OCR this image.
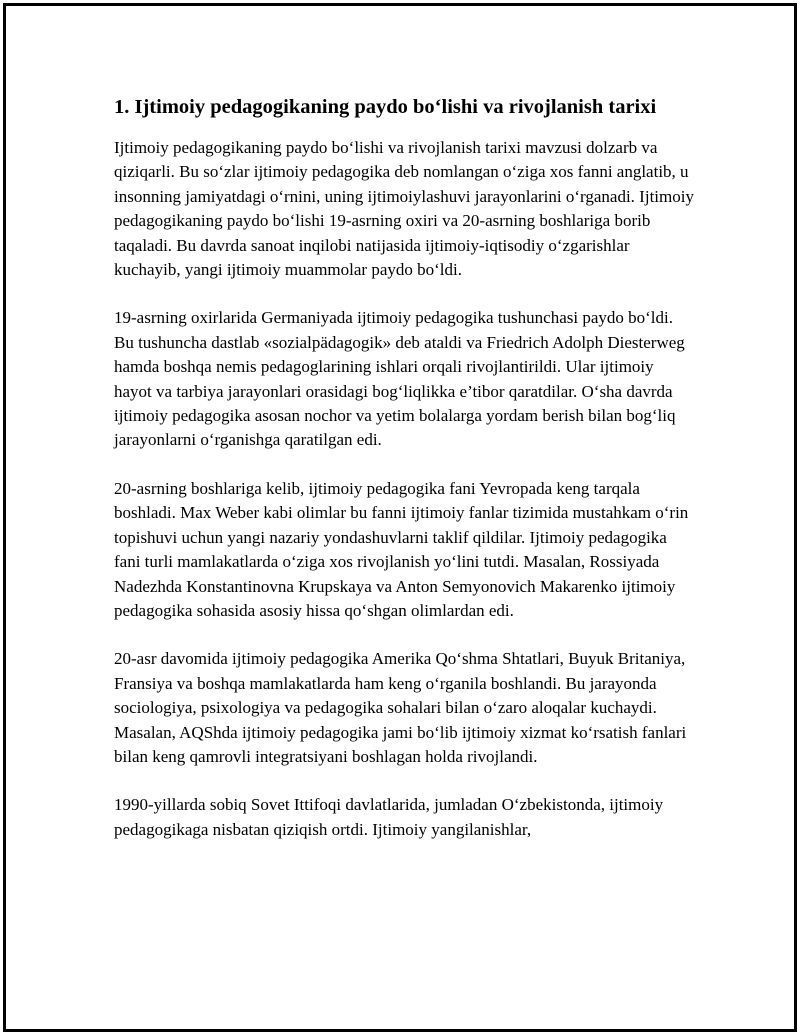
1. Ijtimoiy pedagogikaning paydo bo‘lishi va rivojlanish tarixi

Ijtimoiy pedagogikaning paydo bo‘lishi va rivojlanish tarixi mavzusi dolzarb va qiziqarli. Bu so‘zlar ijtimoiy pedagogika deb nomlangan o‘ziga xos fanni anglatib, u insonning jamiyatdagi o‘rnini, uning ijtimoiylashuvi jarayonlarini o‘rganadi. Ijtimoiy pedagogikaning paydo bo‘lishi 19-asrning oxiri va 20-asrning boshlariga borib taqaladi. Bu davrda sanoat inqilobi natijasida ijtimoiy-iqtisodiy o‘zgarishlar kuchayib, yangi ijtimoiy muammolar paydo bo‘ldi.

19-asrning oxirlarida Germaniyada ijtimoiy pedagogika tushunchasi paydo bo‘ldi. Bu tushuncha dastlab «sozialpädagogik» deb ataldi va Friedrich Adolph Diesterweg hamda boshqa nemis pedagoglarining ishlari orqali rivojlantirildi. Ular ijtimoiy hayot va tarbiya jarayonlari orasidagi bog‘liqlikka e’tibor qaratdilar. O‘sha davrda ijtimoiy pedagogika asosan nochor va yetim bolalarga yordam berish bilan bog‘liq jarayonlarni o‘rganishga qaratilgan edi.

20-asrning boshlariga kelib, ijtimoiy pedagogika fani Yevropada keng tarqala boshladi. Max Weber kabi olimlar bu fanni ijtimoiy fanlar tizimida mustahkam o‘rin topishuvi uchun yangi nazariy yondashuvlarni taklif qildilar. Ijtimoiy pedagogika fani turli mamlakatlarda o‘ziga xos rivojlanish yo‘lini tutdi. Masalan, Rossiyada Nadezhda Konstantinovna Krupskaya va Anton Semyonovich Makarenko ijtimoiy pedagogika sohasida asosiy hissa qo‘shgan olimlardan edi.

20-asr davomida ijtimoiy pedagogika Amerika Qo‘shma Shtatlari, Buyuk Britaniya, Fransiya va boshqa mamlakatlarda ham keng o‘rganila boshlandi. Bu jarayonda sociologiya, psixologiya va pedagogika sohalari bilan o‘zaro aloqalar kuchaydi. Masalan, AQShda ijtimoiy pedagogika jami bo‘lib ijtimoiy xizmat ko‘rsatish fanlari bilan keng qamrovli integratsiyani boshlagan holda rivojlandi.

1990-yillarda sobiq Sovet Ittifoqi davlatlarida, jumladan O‘zbekistonda, ijtimoiy pedagogikaga nisbatan qiziqish ortdi. Ijtimoiy yangilanishlar,
